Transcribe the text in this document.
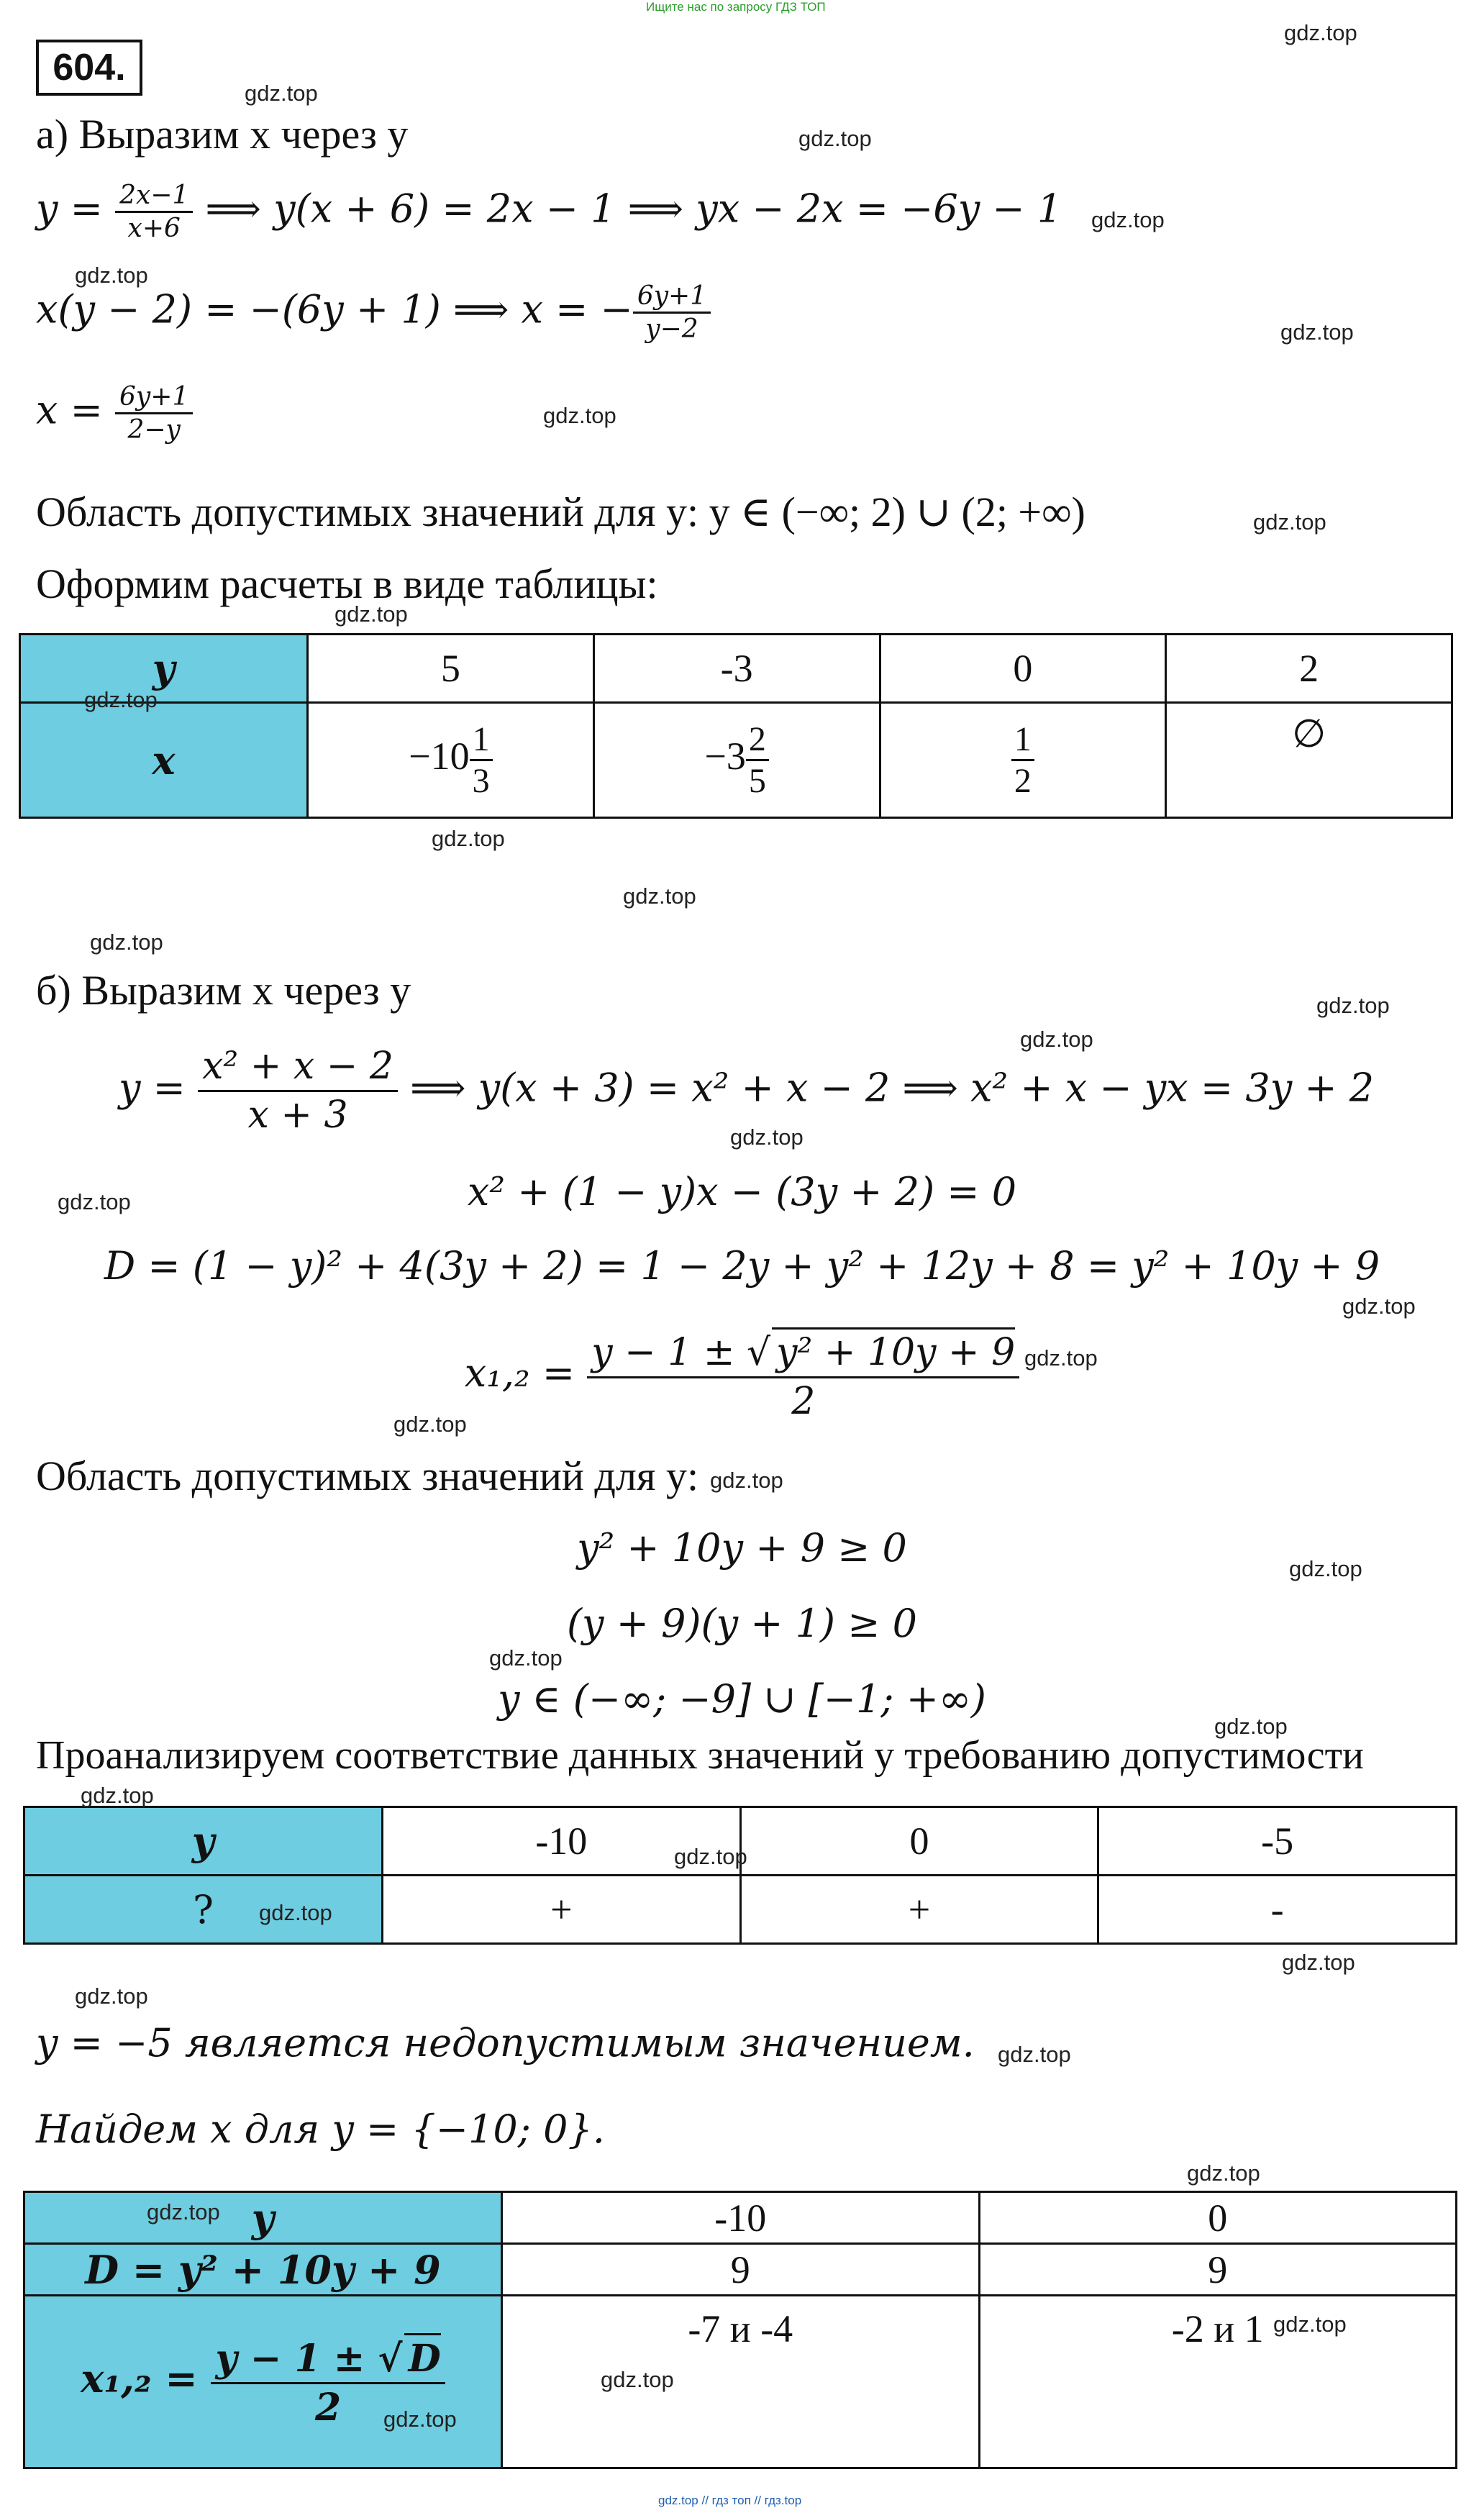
Ищите нас по запросу ГДЗ ТОП
gdz.top // гдз топ // гдз.top
604.
а) Выразим x через y
$y = \frac{2x-1}{x+6}$ ⟹ y(x + 6) = 2x − 1 ⟹ yx − 2x = −6y − 1
x(y − 2) = −(6y + 1) ⟹ x = − $\frac{6y+1}{y-2}$
$x = \frac{6y+1}{2-y}$
Область допустимых значений для y: y ∈ (−∞; 2) ∪ (2; +∞)
Оформим расчеты в виде таблицы:
y	5	-3	0	2
x	$-10 \frac{1}{3}$	$-3 \frac{2}{5}$	$\frac{1}{2}$	∅
б) Выразим x через y
$y = \frac{\text{x² + x − 2}}{x + 3}$ ⟹ y(x + 3) = x² + x − 2 ⟹ x² + x − yx = 3y + 2
x² + (1 − y)x − (3y + 2) = 0
D = (1 − y)² + 4(3y + 2) = 1 − 2y + y² + 12y + 8 = y² + 10y + 9
$x_1,_2 = \frac{\text{y − 1 ± √ y² + 10y + 9}}{2}$
Область допустимых значений для y:
y² + 10y + 9 ≥ 0
(y + 9)(y + 1) ≥ 0
y ∈ (−∞; −9] ∪ [−1; +∞)
Проанализируем соответствие данных значений y требованию допустимости
y	-10	0	-5
?	+	+	-
y = −5 является недопустимым значением.
Найдем x для y = {−10; 0}.
y	-10	0
D = y² + 10y + 9	9	9
$x_1,_2 = \frac{y - 1 \pm √ D}{2}$	-7 и -4	-2 и 1
gdz.top
gdz.top
gdz.top
gdz.top
gdz.top
gdz.top
gdz.top
gdz.top
gdz.top
gdz.top
gdz.top
gdz.top
gdz.top
gdz.top
gdz.top
gdz.top
gdz.top
gdz.top
gdz.top
gdz.top
gdz.top
gdz.top
gdz.top
gdz.top
gdz.top
gdz.top
gdz.top
gdz.top
gdz.top
gdz.top
gdz.top
gdz.top
gdz.top
gdz.top
gdz.top
